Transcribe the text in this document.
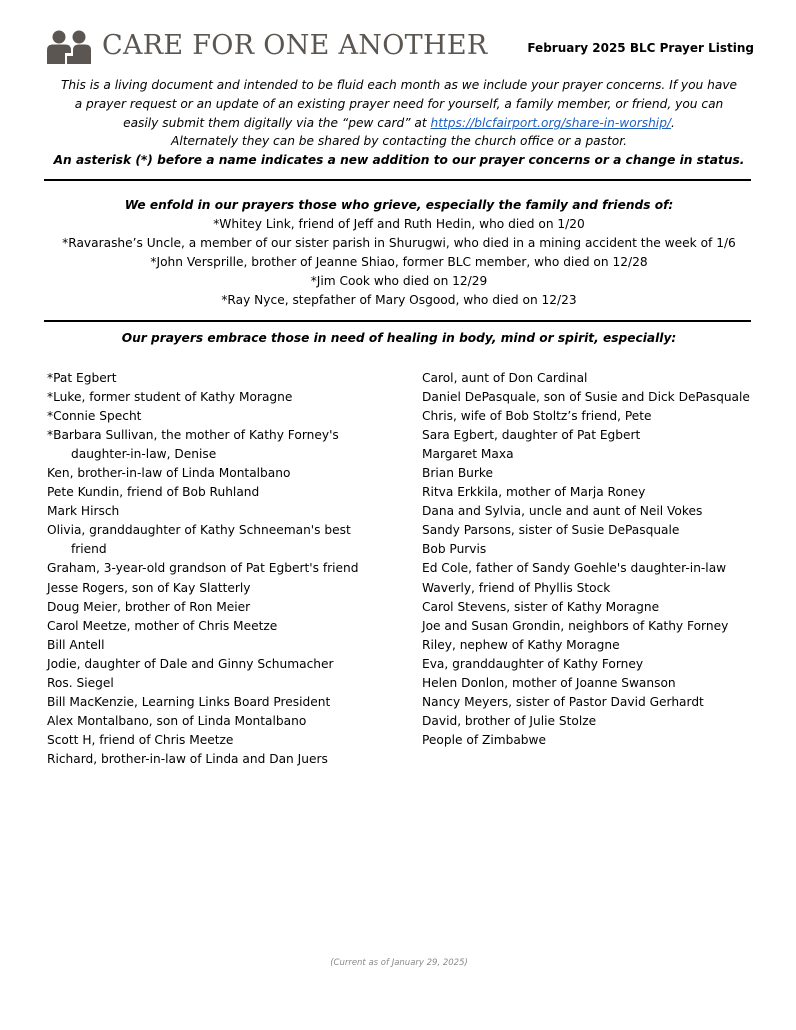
CARE FOR ONE ANOTHER	February 2025 BLC Prayer Listing
This is a living document and intended to be fluid each month as we include your prayer concerns. If you have
a prayer request or an update of an existing prayer need for yourself, a family member, or friend, you can
easily submit them digitally via the “pew card” at https://blcfairport.org/share-in-worship/.
Alternately they can be shared by contacting the church office or a pastor.
An asterisk (*) before a name indicates a new addition to our prayer concerns or a change in status.
We enfold in our prayers those who grieve, especially the family and friends of:
*Whitey Link, friend of Jeff and Ruth Hedin, who died on 1/20
*Ravarashe’s Uncle, a member of our sister parish in Shurugwi, who died in a mining accident the week of 1/6
*John Versprille, brother of Jeanne Shiao, former BLC member, who died on 12/28
*Jim Cook who died on 12/29
*Ray Nyce, stepfather of Mary Osgood, who died on 12/23
Our prayers embrace those in need of healing in body, mind or spirit, especially:
*Pat Egbert
*Luke, former student of Kathy Moragne
*Connie Specht
*Barbara Sullivan, the mother of Kathy Forney's daughter-in-law, Denise
Ken, brother-in-law of Linda Montalbano
Pete Kundin, friend of Bob Ruhland
Mark Hirsch
Olivia, granddaughter of Kathy Schneeman's best friend
Graham, 3-year-old grandson of Pat Egbert's friend
Jesse Rogers, son of Kay Slatterly
Doug Meier, brother of Ron Meier
Carol Meetze, mother of Chris Meetze
Bill Antell
Jodie, daughter of Dale and Ginny Schumacher
Ros. Siegel
Bill MacKenzie, Learning Links Board President
Alex Montalbano, son of Linda Montalbano
Scott H, friend of Chris Meetze
Richard, brother-in-law of Linda and Dan Juers
Carol, aunt of Don Cardinal
Daniel DePasquale, son of Susie and Dick DePasquale
Chris, wife of Bob Stoltz’s friend, Pete
Sara Egbert, daughter of Pat Egbert
Margaret Maxa
Brian Burke
Ritva Erkkila, mother of Marja Roney
Dana and Sylvia, uncle and aunt of Neil Vokes
Sandy Parsons, sister of Susie DePasquale
Bob Purvis
Ed Cole, father of Sandy Goehle's daughter-in-law
Waverly, friend of Phyllis Stock
Carol Stevens, sister of Kathy Moragne
Joe and Susan Grondin, neighbors of Kathy Forney
Riley, nephew of Kathy Moragne
Eva, granddaughter of Kathy Forney
Helen Donlon, mother of Joanne Swanson
Nancy Meyers, sister of Pastor David Gerhardt
David, brother of Julie Stolze
People of Zimbabwe
(Current as of January 29, 2025)
